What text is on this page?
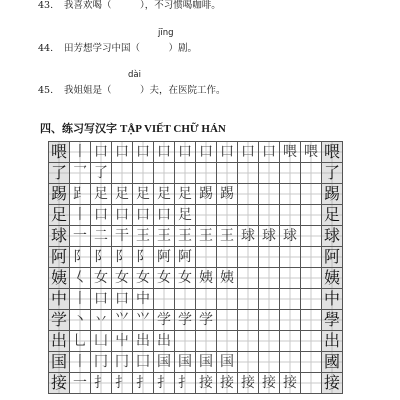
43. 我喜欢喝（　　　	），不习惯喝咖啡。
jīng
44. 田芳想学习中国（　　　	）剧。
dài
45. 我姐姐是（　　　	）夫，在医院工作。
四、练习写汉字 TẬP VIẾT CHỮ HÁN
喂 丨 口 口 口 口 口 口 口 口 口 喂 喂 喂
了 乛 了	了
踢 𧾷 足 足 足 足 足 踢 踢	踢
足 丨 口 口 口 口 足	足
球 一 二 干 王 王 王 王 王 球 球 球 球
阿 阝 阝 阝 阝 阿 阿	阿
姨 𡿨 女 女 女 女 女 姨 姨	姨
中 丨 口 口 中	中
学 丶 丷 ⺍ ⺍ 学 学 学	學
出 乚 凵 屮 出 出	出
国 丨 冂 冂 囗 国 国 国 国	國
接 一 扌 扌 扌 扌 扌 接 接 接 接 接 接
